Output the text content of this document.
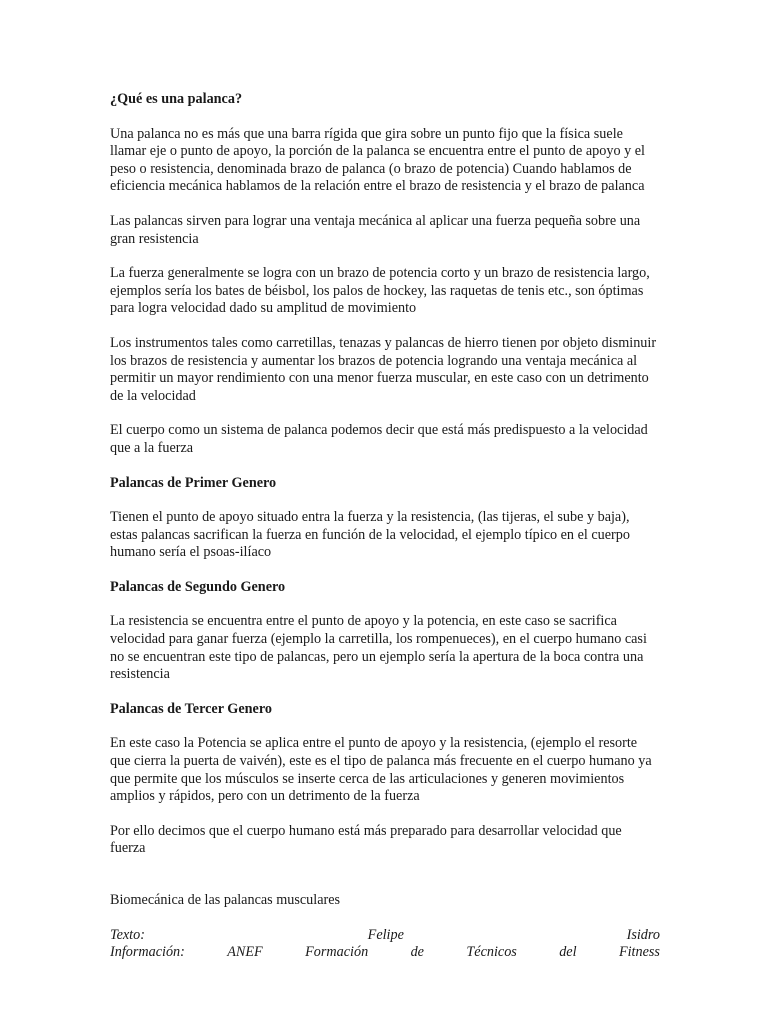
¿Qué es una palanca?

Una palanca no es más que una barra rígida que gira sobre un punto fijo que la física suele llamar eje o punto de apoyo, la porción de la palanca se encuentra entre el punto de apoyo y el peso o resistencia, denominada brazo de palanca (o brazo de potencia) Cuando hablamos de eficiencia mecánica hablamos de la relación entre el brazo de resistencia y el brazo de palanca

Las palancas sirven para lograr una ventaja mecánica al aplicar una fuerza pequeña sobre una gran resistencia

La fuerza generalmente se logra con un brazo de potencia corto y un brazo de resistencia largo, ejemplos sería los bates de béisbol, los palos de hockey, las raquetas de tenis etc., son óptimas para logra velocidad dado su amplitud de movimiento

Los instrumentos tales como carretillas, tenazas y palancas de hierro tienen por objeto disminuir los brazos de resistencia y aumentar los brazos de potencia logrando una ventaja mecánica al permitir un mayor rendimiento con una menor fuerza muscular, en este caso con un detrimento de la velocidad

El cuerpo como un sistema de palanca podemos decir que está más predispuesto a la velocidad que a la fuerza

Palancas de Primer Genero

Tienen el punto de apoyo situado entra la fuerza y la resistencia, (las tijeras, el sube y baja), estas palancas sacrifican la fuerza en función de la velocidad, el ejemplo típico en el cuerpo humano sería el psoas-ilíaco

Palancas de Segundo Genero

La resistencia se encuentra entre el punto de apoyo y la potencia, en este caso se sacrifica velocidad para ganar fuerza (ejemplo la carretilla, los rompenueces), en el cuerpo humano casi no se encuentran este tipo de palancas, pero un ejemplo sería la apertura de la boca contra una resistencia

Palancas de Tercer Genero

En este caso la Potencia se aplica entre el punto de apoyo y la resistencia, (ejemplo el resorte que cierra la puerta de vaivén), este es el tipo de palanca más frecuente en el cuerpo humano ya que permite que los músculos se inserte cerca de las articulaciones y generen movimientos amplios y rápidos, pero con un detrimento de la fuerza

Por ello decimos que el cuerpo humano está más preparado para desarrollar velocidad que fuerza

Biomecánica de las palancas musculares

Texto:	Felipe	Isidro
Información:	ANEF	Formación	de	Técnicos	del	Fitness
